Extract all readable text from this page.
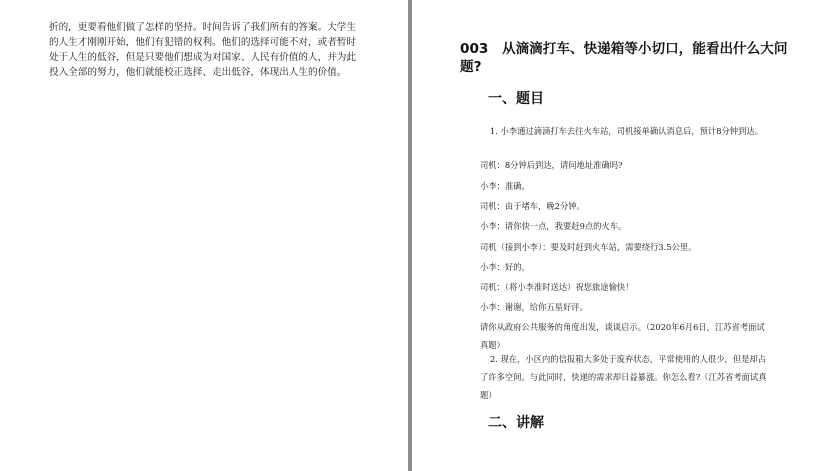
折的，更要看他们做了怎样的坚持。时间告诉了我们所有的答案。大学生的人生才刚刚开始，他们有犯错的权利。他们的选择可能不对，或者暂时处于人生的低谷，但是只要他们想成为对国家、人民有价值的人，并为此投入全部的努力，他们就能校正选择、走出低谷，体现出人生的价值。

003　从滴滴打车、快递箱等小切口，能看出什么大问题?
一、题目

1. 小李通过滴滴打车去往火车站，司机接单确认消息后，预计8分钟到达。

司机：8分钟后到达，请问地址准确吗?

小李：准确。

司机：由于堵车，晚2分钟。

小李：请你快一点，我要赶9点的火车。

司机（接到小李）：要及时赶到火车站，需要绕行3.5公里。

小李：好的。

司机：（将小李准时送达）祝您旅途愉快！

小李：谢谢，给你五星好评。

请你从政府公共服务的角度出发，谈谈启示。（2020年6月6日，江苏省考面试真题）

2. 现在，小区内的信报箱大多处于废弃状态，平常使用的人很少，但是却占了许多空间。与此同时，快递的需求却日益暴涨。你怎么看?（江苏省考面试真题）

二、讲解
